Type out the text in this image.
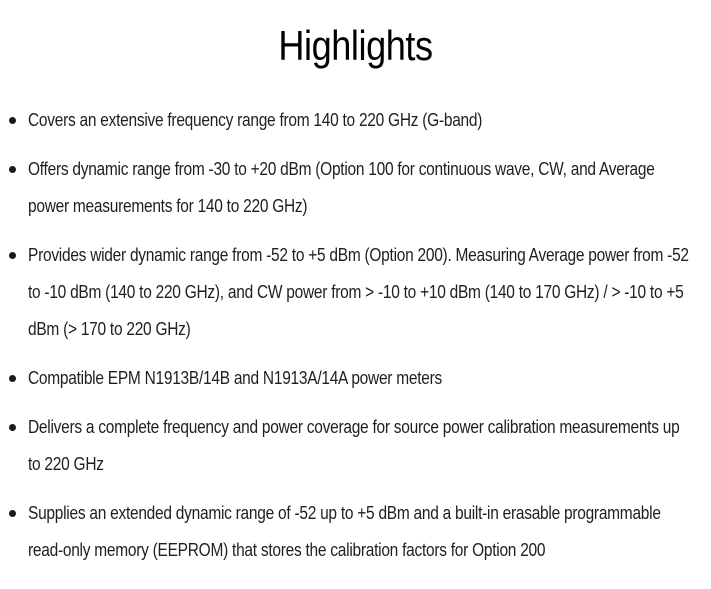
Highlights
Covers an extensive frequency range from 140 to 220 GHz (G-band)
Offers dynamic range from -30 to +20 dBm (Option 100 for continuous wave, CW, and Average
power measurements for 140 to 220 GHz)
Provides wider dynamic range from -52 to +5 dBm (Option 200). Measuring Average power from -52
to -10 dBm (140 to 220 GHz), and CW power from > -10 to +10 dBm (140 to 170 GHz) / > -10 to +5
dBm (> 170 to 220 GHz)
Compatible EPM N1913B/14B and N1913A/14A power meters
Delivers a complete frequency and power coverage for source power calibration measurements up
to 220 GHz
Supplies an extended dynamic range of -52 up to +5 dBm and a built-in erasable programmable
read-only memory (EEPROM) that stores the calibration factors for Option 200
